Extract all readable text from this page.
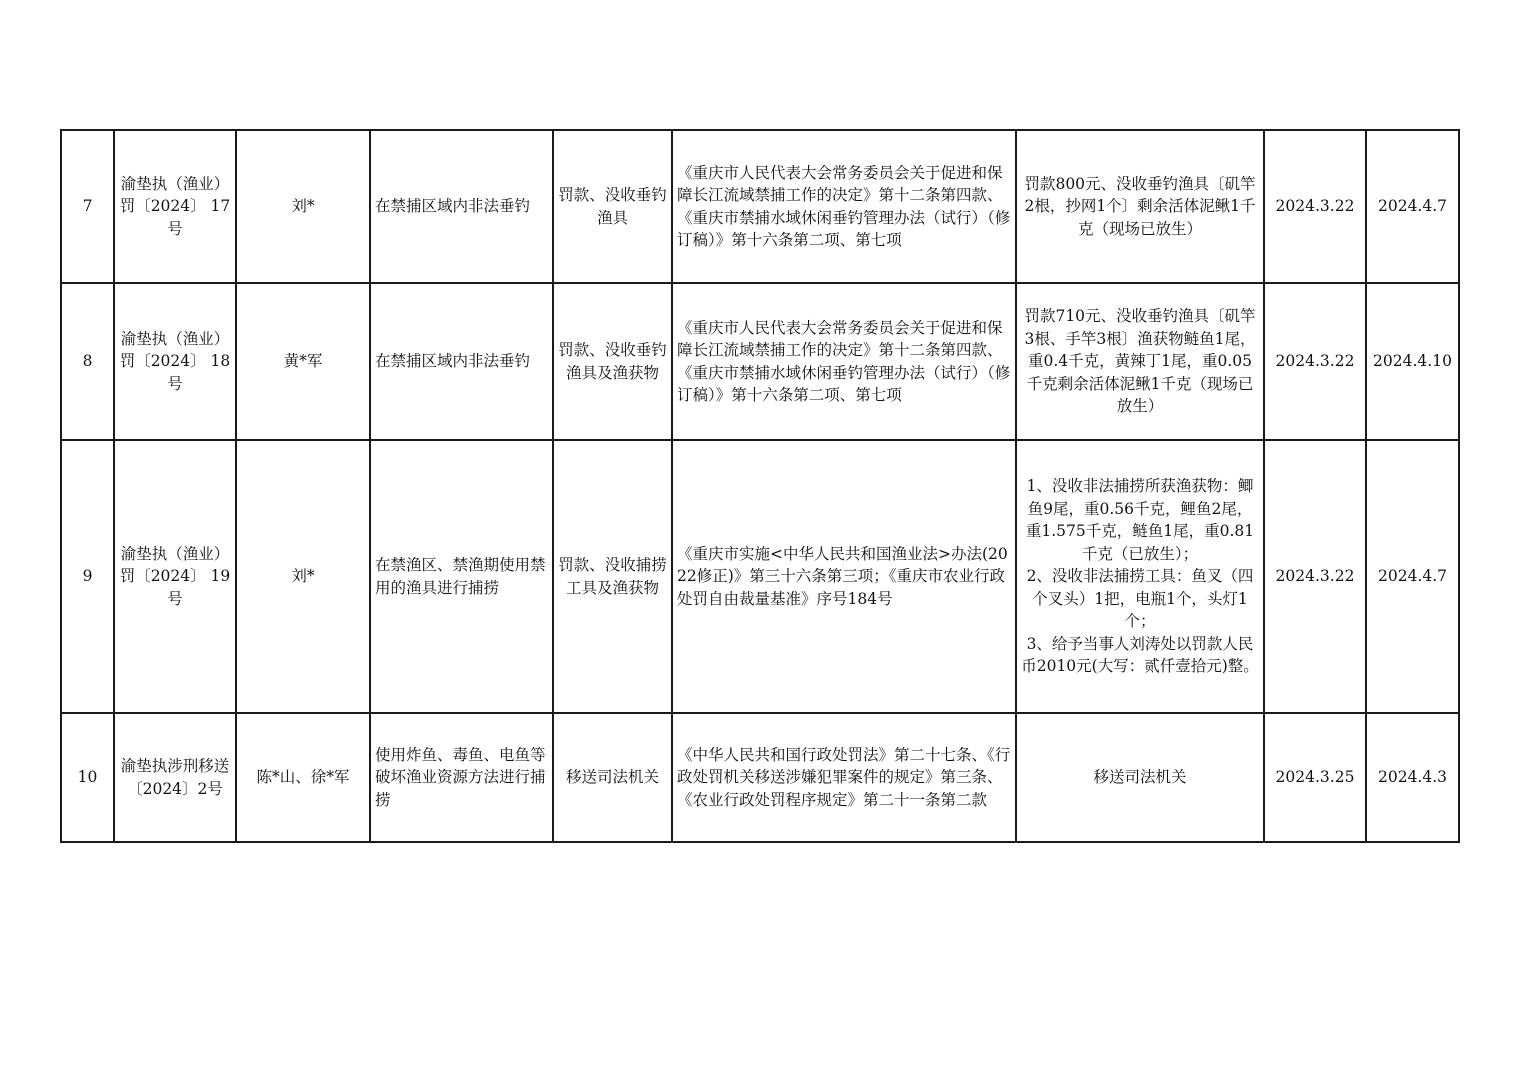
7	渝垫执（渔业）罚〔2024〕 17号	刘*	在禁捕区域内非法垂钓	罚款、没收垂钓渔具	《重庆市人民代表大会常务委员会关于促进和保障长江流域禁捕工作的决定》第十二条第四款、《重庆市禁捕水域休闲垂钓管理办法（试行）（修订稿）》第十六条第二项、第七项	罚款800元、没收垂钓渔具〔矶竿2根，抄网1个〕剩余活体泥鳅1千克（现场已放生）	2024.3.22	2024.4.7
8	渝垫执（渔业）罚〔2024〕 18号	黄*军	在禁捕区域内非法垂钓	罚款、没收垂钓渔具及渔获物	《重庆市人民代表大会常务委员会关于促进和保障长江流域禁捕工作的决定》第十二条第四款、《重庆市禁捕水域休闲垂钓管理办法（试行）（修订稿）》第十六条第二项、第七项	罚款710元、没收垂钓渔具〔矶竿3根、手竿3根〕渔获物鲢鱼1尾，重0.4千克，黄辣丁1尾，重0.05千克剩余活体泥鳅1千克（现场已放生）	2024.3.22	2024.4.10
9	渝垫执（渔业）罚〔2024〕 19号	刘*	在禁渔区、禁渔期使用禁用的渔具进行捕捞	罚款、没收捕捞工具及渔获物	《重庆市实施<中华人民共和国渔业法>办法(2022修正)》第三十六条第三项；《重庆市农业行政处罚自由裁量基准》序号184号	1、没收非法捕捞所获渔获物：鲫鱼9尾，重0.56千克，鲤鱼2尾，重1.575千克，鲢鱼1尾，重0.81千克（已放生）；
2、没收非法捕捞工具：鱼叉（四个叉头）1把，电瓶1个，头灯1个；
3、给予当事人刘涛处以罚款人民币2010元(大写：贰仟壹拾元)整。	2024.3.22	2024.4.7
10	渝垫执涉刑移送〔2024〕2号	陈*山、徐*军	使用炸鱼、毒鱼、电鱼等破坏渔业资源方法进行捕捞	移送司法机关	《中华人民共和国行政处罚法》第二十七条、《行政处罚机关移送涉嫌犯罪案件的规定》第三条、《农业行政处罚程序规定》第二十一条第二款	移送司法机关	2024.3.25	2024.4.3
